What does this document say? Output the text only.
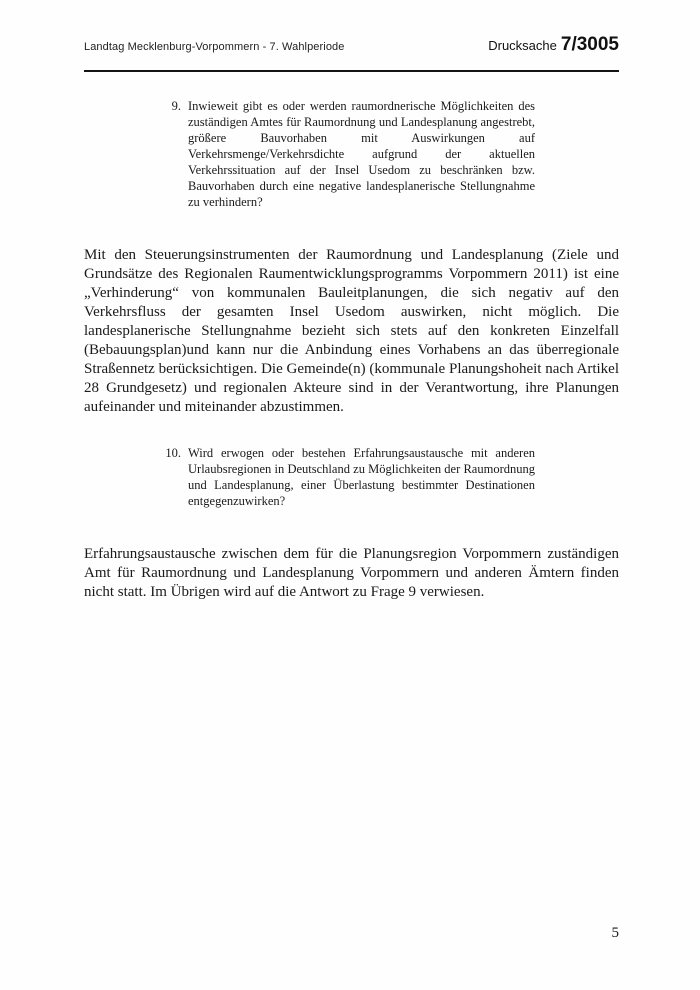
Landtag Mecklenburg-Vorpommern - 7. Wahlperiode	Drucksache 7/3005
9. Inwieweit gibt es oder werden raumordnerische Möglichkeiten des zuständigen Amtes für Raumordnung und Landesplanung angestrebt, größere Bauvorhaben mit Auswirkungen auf Verkehrsmenge/Verkehrsdichte aufgrund der aktuellen Verkehrssituation auf der Insel Usedom zu beschränken bzw. Bauvorhaben durch eine negative landesplanerische Stellungnahme zu verhindern?

Mit den Steuerungsinstrumenten der Raumordnung und Landesplanung (Ziele und Grundsätze des Regionalen Raumentwicklungsprogramms Vorpommern 2011) ist eine „Verhinderung“ von kommunalen Bauleitplanungen, die sich negativ auf den Verkehrsfluss der gesamten Insel Usedom auswirken, nicht möglich. Die landesplanerische Stellungnahme bezieht sich stets auf den konkreten Einzelfall (Bebauungsplan)und kann nur die Anbindung eines Vorhabens an das überregionale Straßennetz berücksichtigen. Die Gemeinde(n) (kommunale Planungshoheit nach Artikel 28 Grundgesetz) und regionalen Akteure sind in der Verantwortung, ihre Planungen aufeinander und miteinander abzustimmen.

10. Wird erwogen oder bestehen Erfahrungsaustausche mit anderen Urlaubsregionen in Deutschland zu Möglichkeiten der Raumordnung und Landesplanung, einer Überlastung bestimmter Destinationen entgegenzuwirken?

Erfahrungsaustausche zwischen dem für die Planungsregion Vorpommern zuständigen Amt für Raumordnung und Landesplanung Vorpommern und anderen Ämtern finden nicht statt. Im Übrigen wird auf die Antwort zu Frage 9 verwiesen.

5
